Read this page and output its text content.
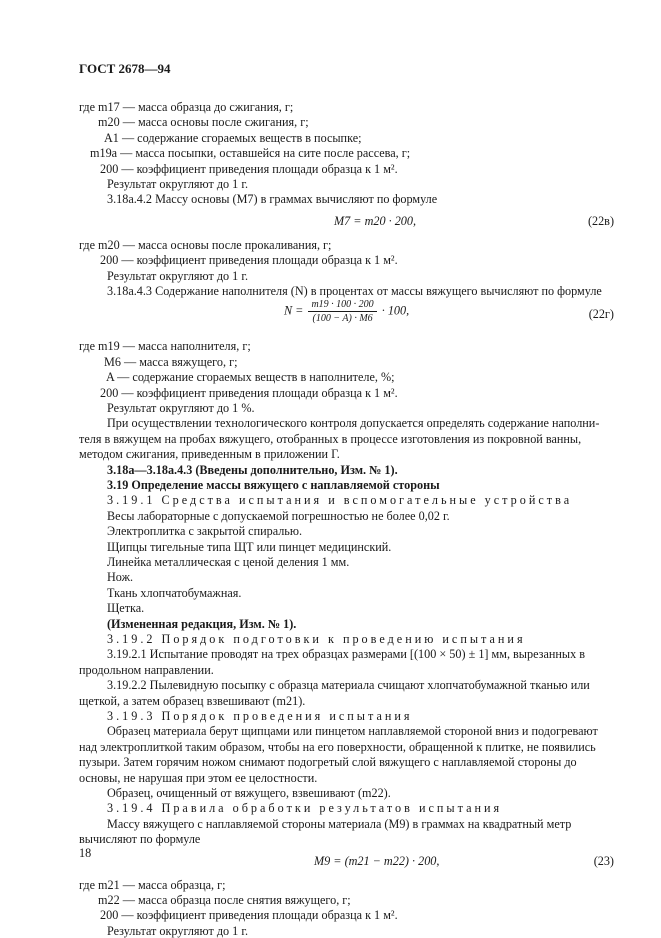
ГОСТ 2678—94
где m17 — масса образца до сжигания, г;
m20 — масса основы после сжигания, г;
A1 — содержание сгораемых веществ в посыпке;
m19a — масса посыпки, оставшейся на сите после рассева, г;
200 — коэффициент приведения площади образца к 1 м².
Результат округляют до 1 г.
3.18a.4.2 Массу основы (M7) в граммах вычисляют по формуле
M7 = m20 · 200,	(22в)
где m20 — масса основы после прокаливания, г;
200 — коэффициент приведения площади образца к 1 м².
Результат округляют до 1 г.
3.18a.4.3 Содержание наполнителя (N) в процентах от массы вяжущего вычисляют по формуле
$N = \frac{m19 \cdot 100 \cdot 200}{(100 - A) \cdot M6} \cdot 100$,	(22г)
где m19 — масса наполнителя, г;
M6 — масса вяжущего, г;
A — содержание сгораемых веществ в наполнителе, %;
200 — коэффициент приведения площади образца к 1 м².
Результат округляют до 1 %.
При осуществлении технологического контроля допускается определять содержание наполни-
теля в вяжущем на пробах вяжущего, отобранных в процессе изготовления из покровной ванны,
методом сжигания, приведенным в приложении Г.
3.18a—3.18a.4.3 (Введены дополнительно, Изм. № 1).
3.19 Определение массы вяжущего с наплавляемой стороны
3.19.1 Средства испытания и вспомогательные устройства
Весы лабораторные с допускаемой погрешностью не более 0,02 г.
Электроплитка с закрытой спиралью.
Щипцы тигельные типа ЩТ или пинцет медицинский.
Линейка металлическая с ценой деления 1 мм.
Нож.
Ткань хлопчатобумажная.
Щетка.
(Измененная редакция, Изм. № 1).
3.19.2 Порядок подготовки к проведению испытания
3.19.2.1 Испытание проводят на трех образцах размерами [(100 × 50) ± 1] мм, вырезанных в
продольном направлении.
3.19.2.2 Пылевидную посыпку с образца материала счищают хлопчатобумажной тканью или
щеткой, а затем образец взвешивают (m21).
3.19.3 Порядок проведения испытания
Образец материала берут щипцами или пинцетом наплавляемой стороной вниз и подогревают
над электроплиткой таким образом, чтобы на его поверхности, обращенной к плитке, не появились
пузыри. Затем горячим ножом снимают подогретый слой вяжущего с наплавляемой стороны до
основы, не нарушая при этом ее целостности.
Образец, очищенный от вяжущего, взвешивают (m22).
3.19.4 Правила обработки результатов испытания
Массу вяжущего с наплавляемой стороны материала (M9) в граммах на квадратный метр
вычисляют по формуле
M9 = (m21 − m22) · 200,	(23)
где m21 — масса образца, г;
m22 — масса образца после снятия вяжущего, г;
200 — коэффициент приведения площади образца к 1 м².
Результат округляют до 1 г.
18
